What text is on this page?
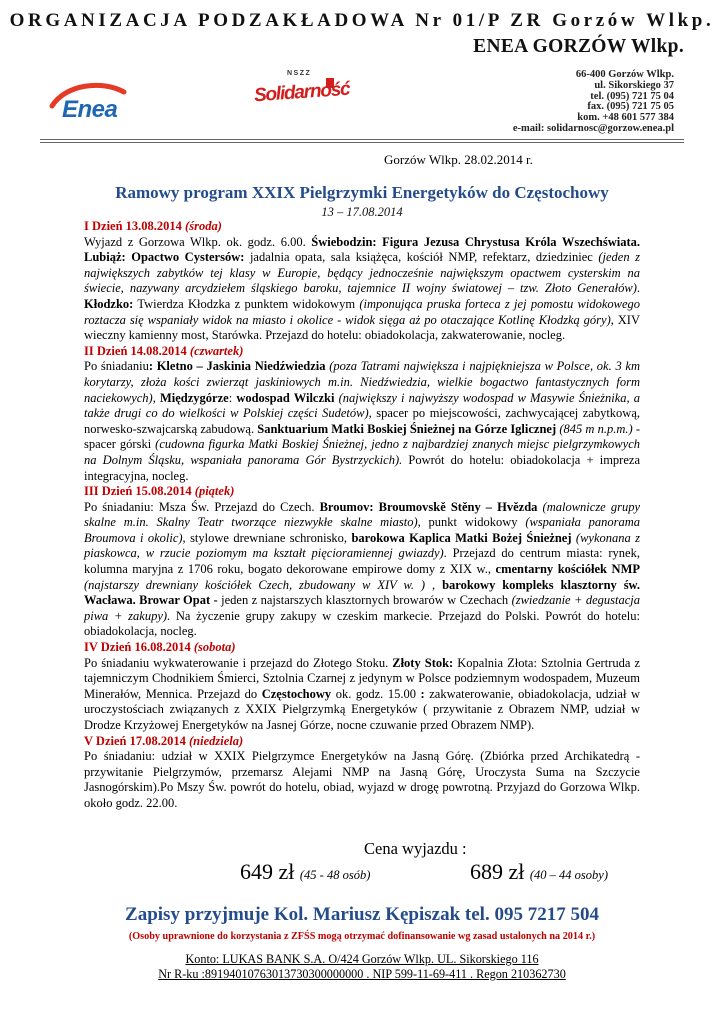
ORGANIZACJA PODZAKŁADOWA Nr 01/P ZR Gorzów Wlkp.
ENEA GORZÓW Wlkp.
Enea
NSZZ
Solidarność
66-400 Gorzów Wlkp.
ul. Sikorskiego 37
tel. (095) 721 75 04
fax. (095) 721 75 05
kom. +48 601 577 384
e-mail: solidarnosc@gorzow.enea.pl
Gorzów Wlkp. 28.02.2014 r.
Ramowy program XXIX Pielgrzymki Energetyków do Częstochowy
13 – 17.08.2014
I Dzień 13.08.2014 (środa)
Wyjazd z Gorzowa Wlkp. ok. godz. 6.00. Świebodzin: Figura Jezusa Chrystusa Króla Wszechświata. Lubiąż: Opactwo Cystersów: jadalnia opata, sala książęca, kościół NMP, refektarz, dziedziniec (jeden z największych zabytków tej klasy w Europie, będący jednocześnie największym opactwem cysterskim na świecie, nazywany arcydziełem śląskiego baroku, tajemnice II wojny światowej – tzw. Złoto Generałów). Kłodzko: Twierdza Kłodzka z punktem widokowym (imponująca pruska forteca z jej pomostu widokowego roztacza się wspaniały widok na miasto i okolice - widok sięga aż po otaczające Kotlinę Kłodzką góry), XIV wieczny kamienny most, Starówka. Przejazd do hotelu: obiadokolacja, zakwaterowanie, nocleg.
II Dzień 14.08.2014 (czwartek)
Po śniadaniu: Kletno – Jaskinia Niedźwiedzia (poza Tatrami największa i najpiękniejsza w Polsce, ok. 3 km korytarzy, złoża kości zwierząt jaskiniowych m.in. Niedźwiedzia, wielkie bogactwo fantastycznych form naciekowych), Międzygórze: wodospad Wilczki (największy i najwyższy wodospad w Masywie Śnieżnika, a także drugi co do wielkości w Polskiej części Sudetów), spacer po miejscowości, zachwycającej zabytkową, norwesko-szwajcarską zabudową. Sanktuarium Matki Boskiej Śnieżnej na Górze Iglicznej (845 m n.p.m.) - spacer górski (cudowna figurka Matki Boskiej Śnieżnej, jedno z najbardziej znanych miejsc pielgrzymkowych na Dolnym Śląsku, wspaniała panorama Gór Bystrzyckich). Powrót do hotelu: obiadokolacja + impreza integracyjna, nocleg.
III Dzień 15.08.2014 (piątek)
Po śniadaniu: Msza Św. Przejazd do Czech. Broumov: Broumovskě Stěny – Hvězda (malownicze grupy skalne m.in. Skalny Teatr tworzące niezwykłe skalne miasto), punkt widokowy (wspaniała panorama Broumova i okolic), stylowe drewniane schronisko, barokowa Kaplica Matki Bożej Śnieżnej (wykonana z piaskowca, w rzucie poziomym ma kształt pięcioramiennej gwiazdy). Przejazd do centrum miasta: rynek, kolumna maryjna z 1706 roku, bogato dekorowane empirowe domy z XIX w., cmentarny kościółek NMP (najstarszy drewniany kościółek Czech, zbudowany w XIV w. ) , barokowy kompleks klasztorny św. Wacława. Browar Opat - jeden z najstarszych klasztornych browarów w Czechach (zwiedzanie + degustacja piwa + zakupy). Na życzenie grupy zakupy w czeskim markecie. Przejazd do Polski. Powrót do hotelu: obiadokolacja, nocleg.
IV Dzień 16.08.2014 (sobota)
Po śniadaniu wykwaterowanie i przejazd do Złotego Stoku. Złoty Stok: Kopalnia Złota: Sztolnia Gertruda z tajemniczym Chodnikiem Śmierci, Sztolnia Czarnej z jedynym w Polsce podziemnym wodospadem, Muzeum Minerałów, Mennica. Przejazd do Częstochowy ok. godz. 15.00 : zakwaterowanie, obiadokolacja, udział w uroczystościach związanych z XXIX Pielgrzymką Energetyków ( przywitanie z Obrazem NMP, udział w Drodze Krzyżowej Energetyków na Jasnej Górze, nocne czuwanie przed Obrazem NMP).
V Dzień 17.08.2014 (niedziela)
Po śniadaniu: udział w XXIX Pielgrzymce Energetyków na Jasną Górę. (Zbiórka przed Archikatedrą -przywitanie Pielgrzymów, przemarsz Alejami NMP na Jasną Górę, Uroczysta Suma na Szczycie Jasnogórskim).Po Mszy Św. powrót do hotelu, obiad, wyjazd w drogę powrotną. Przyjazd do Gorzowa Wlkp. około godz. 22.00.
Cena wyjazdu :
649 zł (45 - 48 osób)	689 zł (40 – 44 osoby)
Zapisy przyjmuje Kol. Mariusz Kępiszak tel. 095 7217 504
(Osoby uprawnione do korzystania z ZFŚS mogą otrzymać dofinansowanie wg zasad ustalonych na 2014 r.)
Konto: LUKAS BANK S.A. O/424 Gorzów Wlkp. UL. Sikorskiego 116
Nr R-ku :89194010763013730300000000 . NIP 599-11-69-411 . Regon 210362730
